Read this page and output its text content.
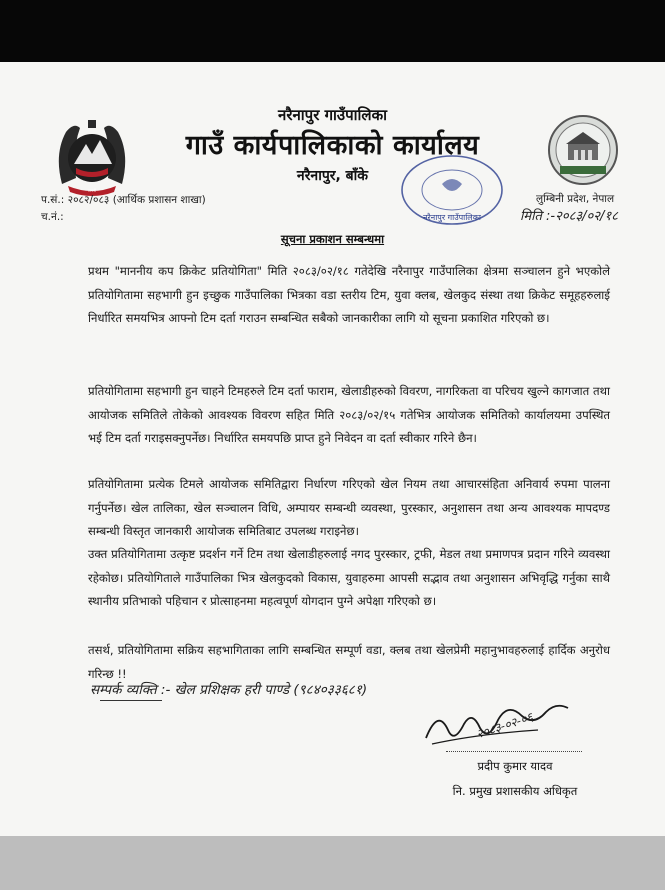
जननी
नरैनापुर गाउँपालिका
गाउँ कार्यपालिकाको कार्यालय
नरैनापुर, बाँके
प.सं.: २०८२/०८३ (आर्थिक प्रशासन शाखा)
च.नं.:
लुम्बिनी प्रदेश, नेपाल
मिति :-२०८३/०२/१८
नरैनापुर गाउँपालिका
सूचना प्रकाशन सम्बन्धमा

प्रथम "माननीय कप क्रिकेट प्रतियोगिता" मिति २०८३/०२/१८ गतेदेखि नरैनापुर गाउँपालिका क्षेत्रमा सञ्चालन हुने भएकोले प्रतियोगितामा सहभागी हुन इच्छुक गाउँपालिका भित्रका वडा स्तरीय टिम, युवा क्लब, खेलकुद संस्था तथा क्रिकेट समूहहरुलाई निर्धारित समयभित्र आफ्नो टिम दर्ता गराउन सम्बन्धित सबैको जानकारीका लागि यो सूचना प्रकाशित गरिएको छ।

प्रतियोगितामा सहभागी हुन चाहने टिमहरुले टिम दर्ता फाराम, खेलाडीहरुको विवरण, नागरिकता वा परिचय खुल्ने कागजात तथा आयोजक समितिले तोकेको आवश्यक विवरण सहित मिति २०८३/०२/१५ गतेभित्र आयोजक समितिको कार्यालयमा उपस्थित भई टिम दर्ता गराइसक्नुपर्नेछ। निर्धारित समयपछि प्राप्त हुने निवेदन वा दर्ता स्वीकार गरिने छैन।

प्रतियोगितामा प्रत्येक टिमले आयोजक समितिद्वारा निर्धारण गरिएको खेल नियम तथा आचारसंहिता अनिवार्य रुपमा पालना गर्नुपर्नेछ। खेल तालिका, खेल सञ्चालन विधि, अम्पायर सम्बन्धी व्यवस्था, पुरस्कार, अनुशासन तथा अन्य आवश्यक मापदण्ड सम्बन्धी विस्तृत जानकारी आयोजक समितिबाट उपलब्ध गराइनेछ।

उक्त प्रतियोगितामा उत्कृष्ट प्रदर्शन गर्ने टिम तथा खेलाडीहरुलाई नगद पुरस्कार, ट्रफी, मेडल तथा प्रमाणपत्र प्रदान गरिने व्यवस्था रहेकोछ। प्रतियोगिताले गाउँपालिका भित्र खेलकुदको विकास, युवाहरुमा आपसी सद्भाव तथा अनुशासन अभिवृद्धि गर्नुका साथै स्थानीय प्रतिभाको पहिचान र प्रोत्साहनमा महत्वपूर्ण योगदान पुग्ने अपेक्षा गरिएको छ।

तसर्थ, प्रतियोगितामा सक्रिय सहभागिताका लागि सम्बन्धित सम्पूर्ण वडा, क्लब तथा खेलप्रेमी महानुभावहरुलाई हार्दिक अनुरोध गरिन्छ !!

सम्पर्क व्यक्ति :- खेल प्रशिक्षक हरी पाण्डे (९८४०३३६८१)
२०८३-०२-०६
प्रदीप कुमार यादव
नि. प्रमुख प्रशासकीय अधिकृत
